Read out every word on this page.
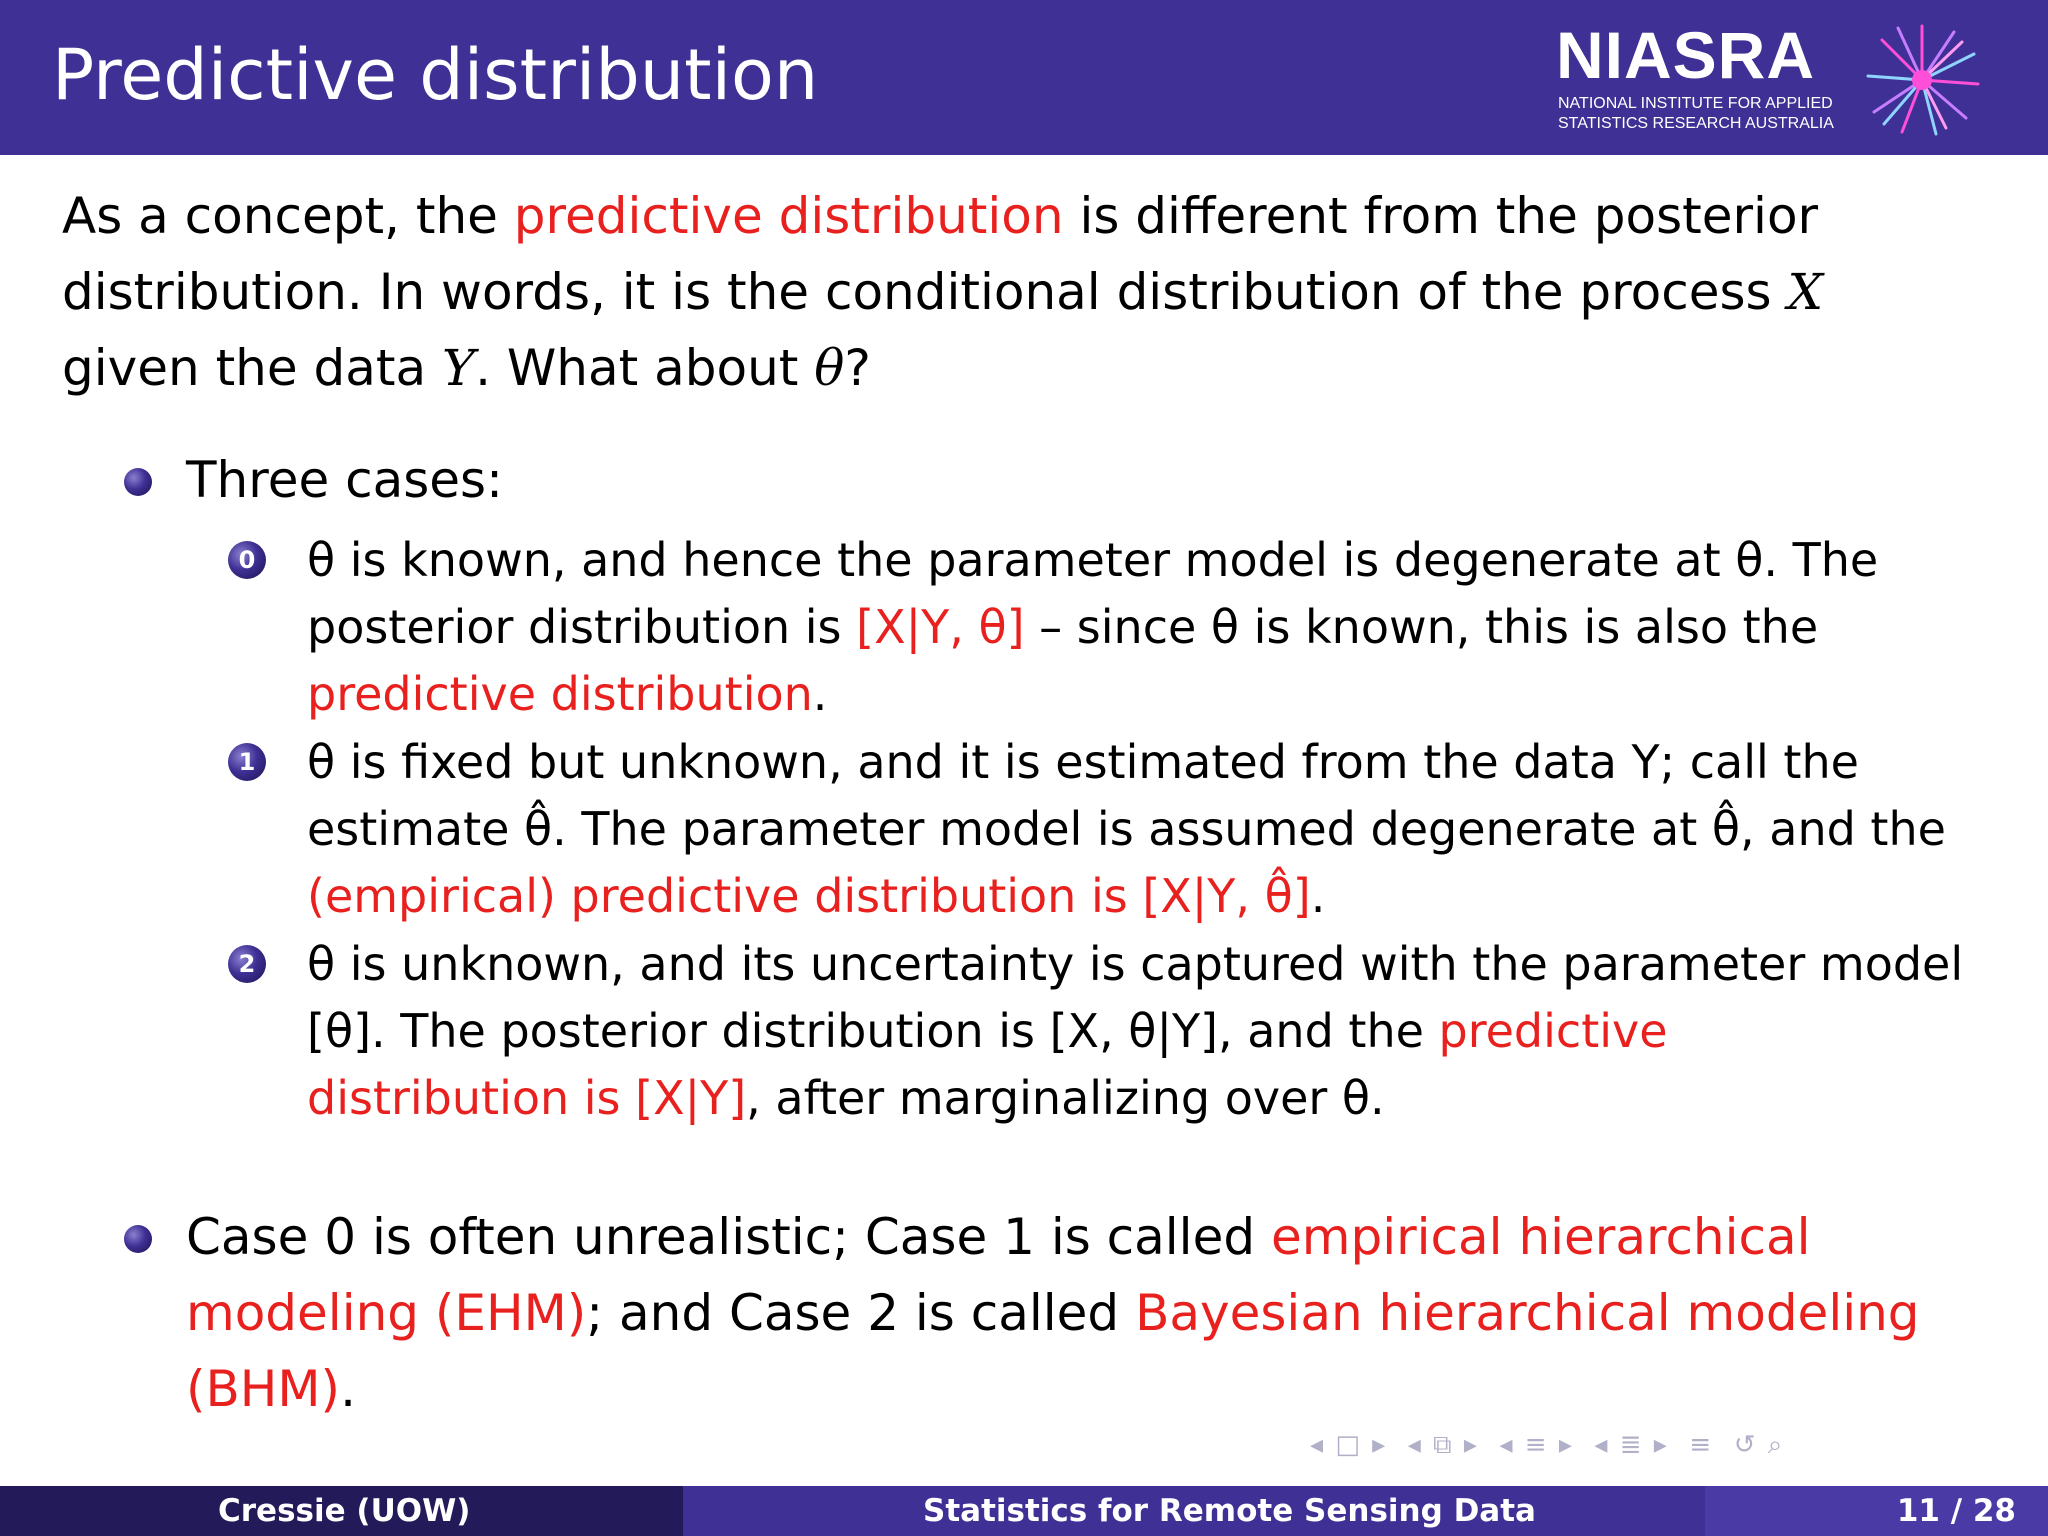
Predictive distribution	NIASRA
NATIONAL INSTITUTE FOR APPLIED
STATISTICS RESEARCH AUSTRALIA
As a concept, the predictive distribution is different from the posterior
distribution. In words, it is the conditional distribution of the process X
given the data Y. What about θ?
Three cases:
0 θ is known, and hence the parameter model is degenerate at θ. The
posterior distribution is [X|Y, θ] – since θ is known, this is also the
predictive distribution.
1 θ is fixed but unknown, and it is estimated from the data Y; call the
estimate θ̂. The parameter model is assumed degenerate at θ̂, and the
(empirical) predictive distribution is [X|Y, θ̂].
2 θ is unknown, and its uncertainty is captured with the parameter model
[θ]. The posterior distribution is [X, θ|Y], and the predictive
distribution is [X|Y], after marginalizing over θ.
Case 0 is often unrealistic; Case 1 is called empirical hierarchical
modeling (EHM); and Case 2 is called Bayesian hierarchical modeling
(BHM).
◂ □ ▸ ◂ ⧉ ▸ ◂ ≡ ▸ ◂ ≣ ▸ ≡ ↺ ⌕
Cressie (UOW)	Statistics for Remote Sensing Data	11 / 28
